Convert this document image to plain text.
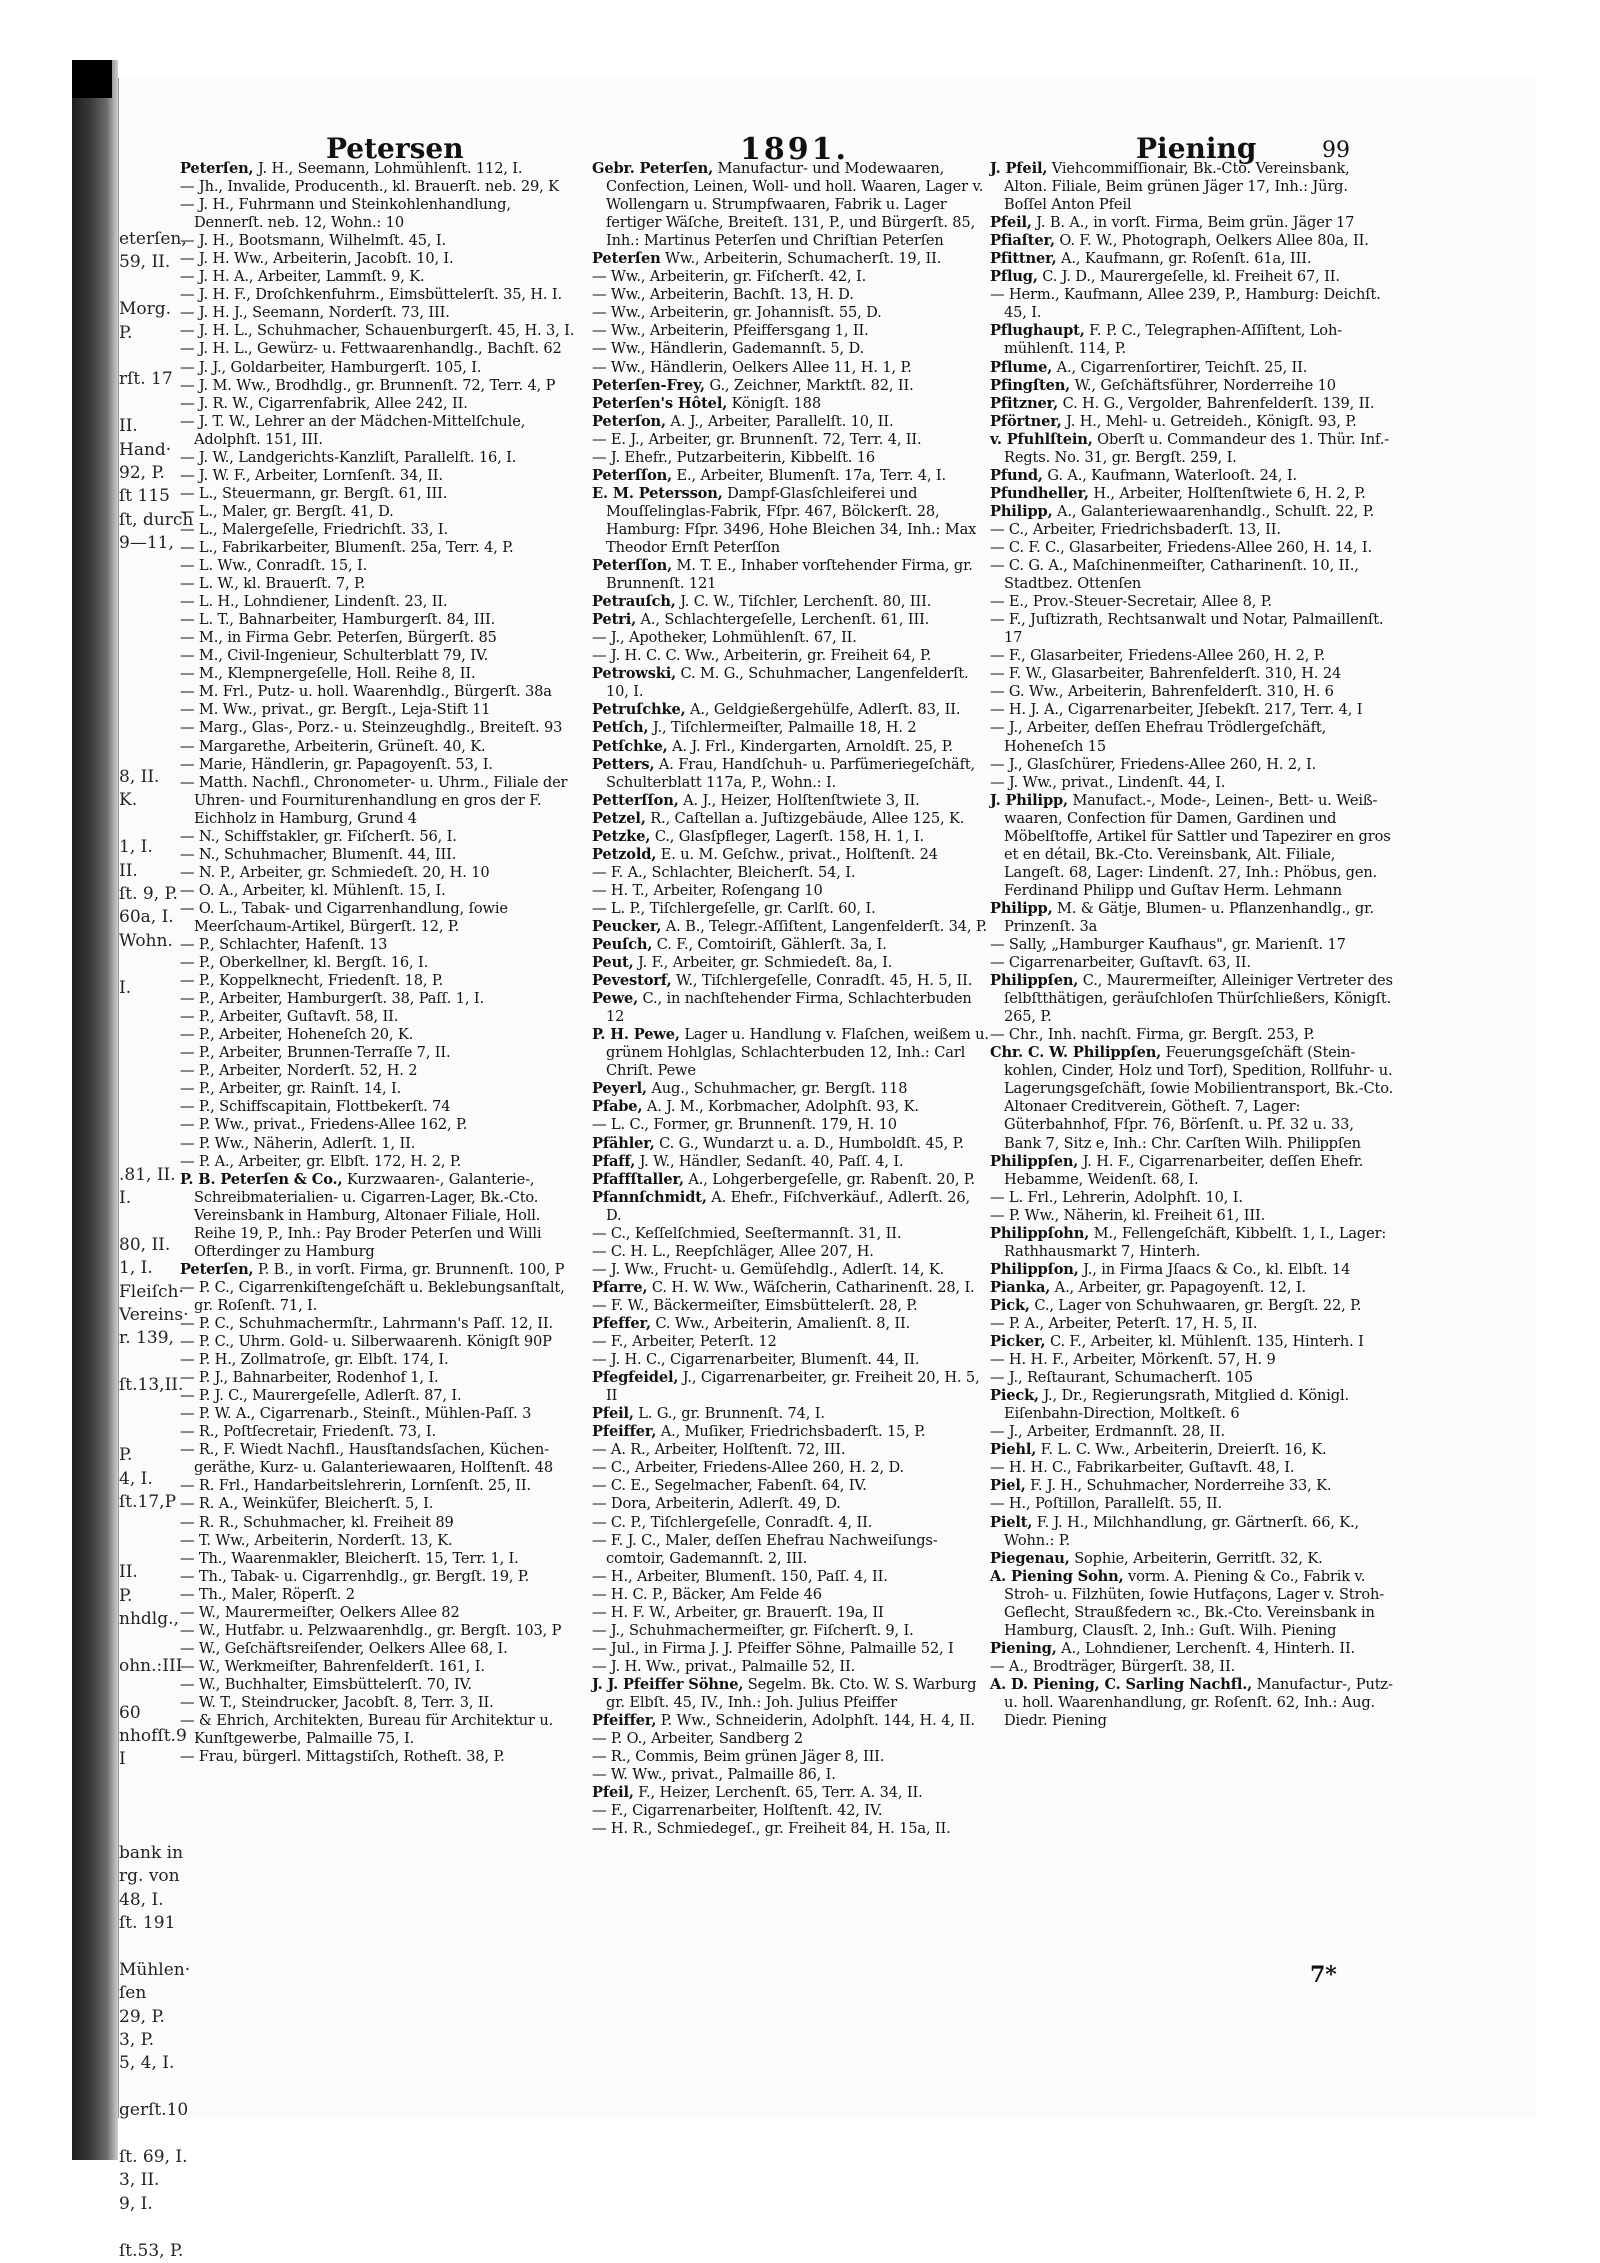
eterſen,
59, II.
Morg.
P.
rſt. 17
II.
Hand·
92, P.
ſt 115
ſt, durch
9—11,
8, II.
K.
1, I.
II.
ſt. 9, P.
60a, I.
Wohn.
I.
.81, II.
I.
80, II.
1, I.
Fleiſch·
Vereins·
r. 139,
ſt.13,II.
P.
4, I.
ſt.17,P
II.
P.
nhdlg.,
ohn.:III
60
nhofſt.9
I
bank in
rg. von
48, I.
ſt. 191
Mühlen·
ſen
29, P.
3, P.
5, 4, I.
gerſt.10
ſt. 69, I.
3, II.
9, I.
ſt.53, P.
Petersen	1891.	Piening	99
Peterſen, J. H., Seemann, Lohmühlenſt. 112, I.
— Jh., Invalide, Producenth., kl. Brauerſt. neb. 29, K
— J. H., Fuhrmann und Steinkohlenhandlung, Dennerſt. neb. 12, Wohn.: 10
— J. H., Bootsmann, Wilhelmſt. 45, I.
— J. H. Ww., Arbeiterin, Jacobſt. 10, I.
— J. H. A., Arbeiter, Lammſt. 9, K.
— J. H. F., Droſchkenfuhrm., Eimsbüttelerſt. 35, H. I.
— J. H. J., Seemann, Norderſt. 73, III.
— J. H. L., Schuhmacher, Schauenburgerſt. 45, H. 3, I.
— J. H. L., Gewürz- u. Fettwaarenhandlg., Bachſt. 62
— J. J., Goldarbeiter, Hamburgerſt. 105, I.
— J. M. Ww., Brodhdlg., gr. Brunnenſt. 72, Terr. 4, P
— J. R. W., Cigarrenfabrik, Allee 242, II.
— J. T. W., Lehrer an der Mädchen-Mittelſchule, Adolphſt. 151, III.
— J. W., Landgerichts-Kanzliſt, Parallelſt. 16, I.
— J. W. F., Arbeiter, Lornſenſt. 34, II.
— L., Steuermann, gr. Bergſt. 61, III.
— L., Maler, gr. Bergſt. 41, D.
— L., Malergeſelle, Friedrichſt. 33, I.
— L., Fabrikarbeiter, Blumenſt. 25a, Terr. 4, P.
— L. Ww., Conradſt. 15, I.
— L. W., kl. Brauerſt. 7, P.
— L. H., Lohndiener, Lindenſt. 23, II.
— L. T., Bahnarbeiter, Hamburgerſt. 84, III.
— M., in Firma Gebr. Peterſen, Bürgerſt. 85
— M., Civil-Ingenieur, Schulterblatt 79, IV.
— M., Klempnergeſelle, Holl. Reihe 8, II.
— M. Frl., Putz- u. holl. Waarenhdlg., Bürgerſt. 38a
— M. Ww., privat., gr. Bergſt., Leja-Stift 11
— Marg., Glas-, Porz.- u. Steinzeughdlg., Breiteſt. 93
— Margarethe, Arbeiterin, Grüneſt. 40, K.
— Marie, Händlerin, gr. Papagoyenſt. 53, I.
— Matth. Nachfl., Chronometer- u. Uhrm., Filiale der Uhren- und Fourniturenhandlung en gros der F. Eichholz in Hamburg, Grund 4
— N., Schiffstakler, gr. Fiſcherſt. 56, I.
— N., Schuhmacher, Blumenſt. 44, III.
— N. P., Arbeiter, gr. Schmiedeſt. 20, H. 10
— O. A., Arbeiter, kl. Mühlenſt. 15, I.
— O. L., Tabak- und Cigarrenhandlung, ſowie Meerſchaum-Artikel, Bürgerſt. 12, P.
— P., Schlachter, Hafenſt. 13
— P., Oberkellner, kl. Bergſt. 16, I.
— P., Koppelknecht, Friedenſt. 18, P.
— P., Arbeiter, Hamburgerſt. 38, Paſſ. 1, I.
— P., Arbeiter, Guſtavſt. 58, II.
— P., Arbeiter, Hoheneſch 20, K.
— P., Arbeiter, Brunnen-Terraſſe 7, II.
— P., Arbeiter, Norderſt. 52, H. 2
— P., Arbeiter, gr. Rainſt. 14, I.
— P., Schiffscapitain, Flottbekerſt. 74
— P. Ww., privat., Friedens-Allee 162, P.
— P. Ww., Näherin, Adlerſt. 1, II.
— P. A., Arbeiter, gr. Elbſt. 172, H. 2, P.
P. B. Peterſen & Co., Kurzwaaren-, Galanterie-, Schreibmaterialien- u. Cigarren-Lager, Bk.-Cto. Vereinsbank in Hamburg, Altonaer Filiale, Holl. Reihe 19, P., Inh.: Pay Broder Peterſen und Willi Ofterdinger zu Hamburg
Peterſen, P. B., in vorſt. Firma, gr. Brunnenſt. 100, P
— P. C., Cigarrenkiſtengeſchäft u. Beklebungsanſtalt, gr. Roſenſt. 71, I.
— P. C., Schuhmachermſtr., Lahrmann's Paſſ. 12, II.
— P. C., Uhrm. Gold- u. Silberwaarenh. Königſt 90P
— P. H., Zollmatroſe, gr. Elbſt. 174, I.
— P. J., Bahnarbeiter, Rodenhof 1, I.
— P. J. C., Maurergeſelle, Adlerſt. 87, I.
— P. W. A., Cigarrenarb., Steinſt., Mühlen-Paſſ. 3
— R., Poſtſecretair, Friedenſt. 73, I.
— R., F. Wiedt Nachfl., Hausſtandsſachen, Küchengeräthe, Kurz- u. Galanteriewaaren, Holſtenſt. 48
— R. Frl., Handarbeitslehrerin, Lornſenſt. 25, II.
— R. A., Weinküfer, Bleicherſt. 5, I.
— R. R., Schuhmacher, kl. Freiheit 89
— T. Ww., Arbeiterin, Norderſt. 13, K.
— Th., Waarenmakler, Bleicherſt. 15, Terr. 1, I.
— Th., Tabak- u. Cigarrenhdlg., gr. Bergſt. 19, P.
— Th., Maler, Röperſt. 2
— W., Maurermeiſter, Oelkers Allee 82
— W., Hutfabr. u. Pelzwaarenhdlg., gr. Bergſt. 103, P
— W., Geſchäftsreiſender, Oelkers Allee 68, I.
— W., Werkmeiſter, Bahrenfelderſt. 161, I.
— W., Buchhalter, Eimsbüttelerſt. 70, IV.
— W. T., Steindrucker, Jacobſt. 8, Terr. 3, II.
— & Ehrich, Architekten, Bureau für Architektur u. Kunſtgewerbe, Palmaille 75, I.
— Frau, bürgerl. Mittagstiſch, Rotheſt. 38, P.
Gebr. Peterſen, Manufactur- und Modewaaren, Confection, Leinen, Woll- und holl. Waaren, Lager v. Wollengarn u. Strumpfwaaren, Fabrik u. Lager fertiger Wäſche, Breiteſt. 131, P., und Bürgerſt. 85, Inh.: Martinus Peterſen und Chriſtian Peterſen
Peterſen Ww., Arbeiterin, Schumacherſt. 19, II.
— Ww., Arbeiterin, gr. Fiſcherſt. 42, I.
— Ww., Arbeiterin, Bachſt. 13, H. D.
— Ww., Arbeiterin, gr. Johannisſt. 55, D.
— Ww., Arbeiterin, Pfeiffersgang 1, II.
— Ww., Händlerin, Gademannſt. 5, D.
— Ww., Händlerin, Oelkers Allee 11, H. 1, P.
Peterſen-Frey, G., Zeichner, Marktſt. 82, II.
Peterſen's Hôtel, Königſt. 188
Peterſon, A. J., Arbeiter, Parallelſt. 10, II.
— E. J., Arbeiter, gr. Brunnenſt. 72, Terr. 4, II.
— J. Ehefr., Putzarbeiterin, Kibbelſt. 16
Peterſſon, E., Arbeiter, Blumenſt. 17a, Terr. 4, I.
E. M. Petersson, Dampf-Glasſchleiferei und Mouſſelinglas-Fabrik, Fſpr. 467, Bölckerſt. 28, Hamburg: Fſpr. 3496, Hohe Bleichen 34, Inh.: Max Theodor Ernſt Peterſſon
Peterſſon, M. T. E., Inhaber vorſtehender Firma, gr. Brunnenſt. 121
Petrauſch, J. C. W., Tiſchler, Lerchenſt. 80, III.
Petri, A., Schlachtergeſelle, Lerchenſt. 61, III.
— J., Apotheker, Lohmühlenſt. 67, II.
— J. H. C. C. Ww., Arbeiterin, gr. Freiheit 64, P.
Petrowski, C. M. G., Schuhmacher, Langenfelderſt. 10, I.
Petruſchke, A., Geldgießergehülfe, Adlerſt. 83, II.
Petſch, J., Tiſchlermeiſter, Palmaille 18, H. 2
Petſchke, A. J. Frl., Kindergarten, Arnoldſt. 25, P.
Petters, A. Frau, Handſchuh- u. Parfümeriegeſchäft, Schulterblatt 117a, P., Wohn.: I.
Petterſſon, A. J., Heizer, Holſtenſtwiete 3, II.
Petzel, R., Caſtellan a. Juſtizgebäude, Allee 125, K.
Petzke, C., Glasſpfleger, Lagerſt. 158, H. 1, I.
Petzold, E. u. M. Geſchw., privat., Holſtenſt. 24
— F. A., Schlachter, Bleicherſt. 54, I.
— H. T., Arbeiter, Roſengang 10
— L. P., Tiſchlergeſelle, gr. Carlſt. 60, I.
Peucker, A. B., Telegr.-Aſſiſtent, Langenfelderſt. 34, P.
Peuſch, C. F., Comtoiriſt, Gählerſt. 3a, I.
Peut, J. F., Arbeiter, gr. Schmiedeſt. 8a, I.
Pevestorf, W., Tiſchlergeſelle, Conradſt. 45, H. 5, II.
Pewe, C., in nachſtehender Firma, Schlachterbuden 12
P. H. Pewe, Lager u. Handlung v. Flaſchen, weißem u. grünem Hohlglas, Schlachterbuden 12, Inh.: Carl Chriſt. Pewe
Peyerl, Aug., Schuhmacher, gr. Bergſt. 118
Pfabe, A. J. M., Korbmacher, Adolphſt. 93, K.
— L. C., Former, gr. Brunnenſt. 179, H. 10
Pfähler, C. G., Wundarzt u. a. D., Humboldſt. 45, P.
Pfaff, J. W., Händler, Sedanſt. 40, Paſſ. 4, I.
Pfaffſtaller, A., Lohgerbergeſelle, gr. Rabenſt. 20, P.
Pfannſchmidt, A. Ehefr., Fiſchverkäuf., Adlerſt. 26, D.
— C., Keſſelſchmied, Seeſtermannſt. 31, II.
— C. H. L., Reepſchläger, Allee 207, H.
— J. Ww., Frucht- u. Gemüſehdlg., Adlerſt. 14, K.
Pfarre, C. H. W. Ww., Wäſcherin, Catharinenſt. 28, I.
— F. W., Bäckermeiſter, Eimsbüttelerſt. 28, P.
Pfeffer, C. Ww., Arbeiterin, Amalienſt. 8, II.
— F., Arbeiter, Peterſt. 12
— J. H. C., Cigarrenarbeiter, Blumenſt. 44, II.
Pfegfeidel, J., Cigarrenarbeiter, gr. Freiheit 20, H. 5, II
Pfeil, L. G., gr. Brunnenſt. 74, I.
Pfeiffer, A., Muſiker, Friedrichsbaderſt. 15, P.
— A. R., Arbeiter, Holſtenſt. 72, III.
— C., Arbeiter, Friedens-Allee 260, H. 2, D.
— C. E., Segelmacher, Fabenſt. 64, IV.
— Dora, Arbeiterin, Adlerſt. 49, D.
— C. P., Tiſchlergeſelle, Conradſt. 4, II.
— F. J. C., Maler, deſſen Ehefrau Nachweiſungscomtoir, Gademannſt. 2, III.
— H., Arbeiter, Blumenſt. 150, Paſſ. 4, II.
— H. C. P., Bäcker, Am Felde 46
— H. F. W., Arbeiter, gr. Brauerſt. 19a, II
— J., Schuhmachermeiſter, gr. Fiſcherſt. 9, I.
— Jul., in Firma J. J. Pfeiffer Söhne, Palmaille 52, I
— J. H. Ww., privat., Palmaille 52, II.
J. J. Pfeiffer Söhne, Segelm. Bk. Cto. W. S. Warburg gr. Elbſt. 45, IV., Inh.: Joh. Julius Pfeiffer
Pfeiffer, P. Ww., Schneiderin, Adolphſt. 144, H. 4, II.
— P. O., Arbeiter, Sandberg 2
— R., Commis, Beim grünen Jäger 8, III.
— W. Ww., privat., Palmaille 86, I.
Pfeil, F., Heizer, Lerchenſt. 65, Terr. A. 34, II.
— F., Cigarrenarbeiter, Holſtenſt. 42, IV.
— H. R., Schmiedegeſ., gr. Freiheit 84, H. 15a, II.
J. Pfeil, Viehcommiſſionair, Bk.-Cto. Vereinsbank, Alton. Filiale, Beim grünen Jäger 17, Inh.: Jürg. Boſſel Anton Pfeil
Pfeil, J. B. A., in vorſt. Firma, Beim grün. Jäger 17
Pfiaſter, O. F. W., Photograph, Oelkers Allee 80a, II.
Pfittner, A., Kaufmann, gr. Roſenſt. 61a, III.
Pflug, C. J. D., Maurergeſelle, kl. Freiheit 67, II.
— Herm., Kaufmann, Allee 239, P., Hamburg: Deichſt. 45, I.
Pflughaupt, F. P. C., Telegraphen-Aſſiſtent, Lohmühlenſt. 114, P.
Pflume, A., Cigarrenſortirer, Teichſt. 25, II.
Pfingſten, W., Geſchäftsführer, Norderreihe 10
Pfitzner, C. H. G., Vergolder, Bahrenfelderſt. 139, II.
Pförtner, J. H., Mehl- u. Getreideh., Königſt. 93, P.
v. Pfuhlſtein, Oberſt u. Commandeur des 1. Thür. Inf.-Regts. No. 31, gr. Bergſt. 259, I.
Pfund, G. A., Kaufmann, Waterlooſt. 24, I.
Pfundheller, H., Arbeiter, Holſtenſtwiete 6, H. 2, P.
Philipp, A., Galanteriewaarenhandlg., Schulſt. 22, P.
— C., Arbeiter, Friedrichsbaderſt. 13, II.
— C. F. C., Glasarbeiter, Friedens-Allee 260, H. 14, I.
— C. G. A., Maſchinenmeiſter, Catharinenſt. 10, II., Stadtbez. Ottenſen
— E., Prov.-Steuer-Secretair, Allee 8, P.
— F., Juſtizrath, Rechtsanwalt und Notar, Palmaillenſt. 17
— F., Glasarbeiter, Friedens-Allee 260, H. 2, P.
— F. W., Glasarbeiter, Bahrenfelderſt. 310, H. 24
— G. Ww., Arbeiterin, Bahrenfelderſt. 310, H. 6
— H. J. A., Cigarrenarbeiter, Jſebekſt. 217, Terr. 4, I
— J., Arbeiter, deſſen Ehefrau Trödlergeſchäft, Hoheneſch 15
— J., Glasſchürer, Friedens-Allee 260, H. 2, I.
— J. Ww., privat., Lindenſt. 44, I.
J. Philipp, Manufact.-, Mode-, Leinen-, Bett- u. Weißwaaren, Confection für Damen, Gardinen und Möbelſtoffe, Artikel für Sattler und Tapezirer en gros et en détail, Bk.-Cto. Vereinsbank, Alt. Filiale, Langeſt. 68, Lager: Lindenſt. 27, Inh.: Phöbus, gen. Ferdinand Philipp und Guſtav Herm. Lehmann
Philipp, M. & Gätje, Blumen- u. Pflanzenhandlg., gr. Prinzenſt. 3a
— Sally, „Hamburger Kaufhaus", gr. Marienſt. 17
— Cigarrenarbeiter, Guſtavſt. 63, II.
Philippſen, C., Maurermeiſter, Alleiniger Vertreter des ſelbſtthätigen, geräuſchloſen Thürſchließers, Königſt. 265, P.
— Chr., Inh. nachſt. Firma, gr. Bergſt. 253, P.
Chr. C. W. Philippſen, Feuerungsgeſchäft (Steinkohlen, Cinder, Holz und Torf), Spedition, Rollfuhr- u. Lagerungsgeſchäft, ſowie Mobilientransport, Bk.-Cto. Altonaer Creditverein, Götheſt. 7, Lager: Güterbahnhof, Fſpr. 76, Börſenſt. u. Pf. 32 u. 33, Bank 7, Sitz e, Inh.: Chr. Carſten Wilh. Philippſen
Philippſen, J. H. F., Cigarrenarbeiter, deſſen Ehefr. Hebamme, Weidenſt. 68, I.
— L. Frl., Lehrerin, Adolphſt. 10, I.
— P. Ww., Näherin, kl. Freiheit 61, III.
Philippſohn, M., Fellengeſchäft, Kibbelſt. 1, I., Lager: Rathhausmarkt 7, Hinterh.
Philippſon, J., in Firma Jſaacs & Co., kl. Elbſt. 14
Pianka, A., Arbeiter, gr. Papagoyenſt. 12, I.
Pick, C., Lager von Schuhwaaren, gr. Bergſt. 22, P.
— P. A., Arbeiter, Peterſt. 17, H. 5, II.
Picker, C. F., Arbeiter, kl. Mühlenſt. 135, Hinterh. I
— H. H. F., Arbeiter, Mörkenſt. 57, H. 9
— J., Reſtaurant, Schumacherſt. 105
Pieck, J., Dr., Regierungsrath, Mitglied d. Königl. Eiſenbahn-Direction, Moltkeſt. 6
— J., Arbeiter, Erdmannſt. 28, II.
Piehl, F. L. C. Ww., Arbeiterin, Dreierſt. 16, K.
— H. H. C., Fabrikarbeiter, Guſtavſt. 48, I.
Piel, F. J. H., Schuhmacher, Norderreihe 33, K.
— H., Poſtillon, Parallelſt. 55, II.
Pielt, F. J. H., Milchhandlung, gr. Gärtnerſt. 66, K., Wohn.: P.
Piegenau, Sophie, Arbeiterin, Gerritſt. 32, K.
A. Piening Sohn, vorm. A. Piening & Co., Fabrik v. Stroh- u. Filzhüten, ſowie Hutfaçons, Lager v. Stroh-Geflecht, Straußfedern ꝛc., Bk.-Cto. Vereinsbank in Hamburg, Clausſt. 2, Inh.: Guſt. Wilh. Piening
Piening, A., Lohndiener, Lerchenſt. 4, Hinterh. II.
— A., Brodträger, Bürgerſt. 38, II.
A. D. Piening, C. Sarling Nachfl., Manufactur-, Putz- u. holl. Waarenhandlung, gr. Roſenſt. 62, Inh.: Aug. Diedr. Piening
7*
